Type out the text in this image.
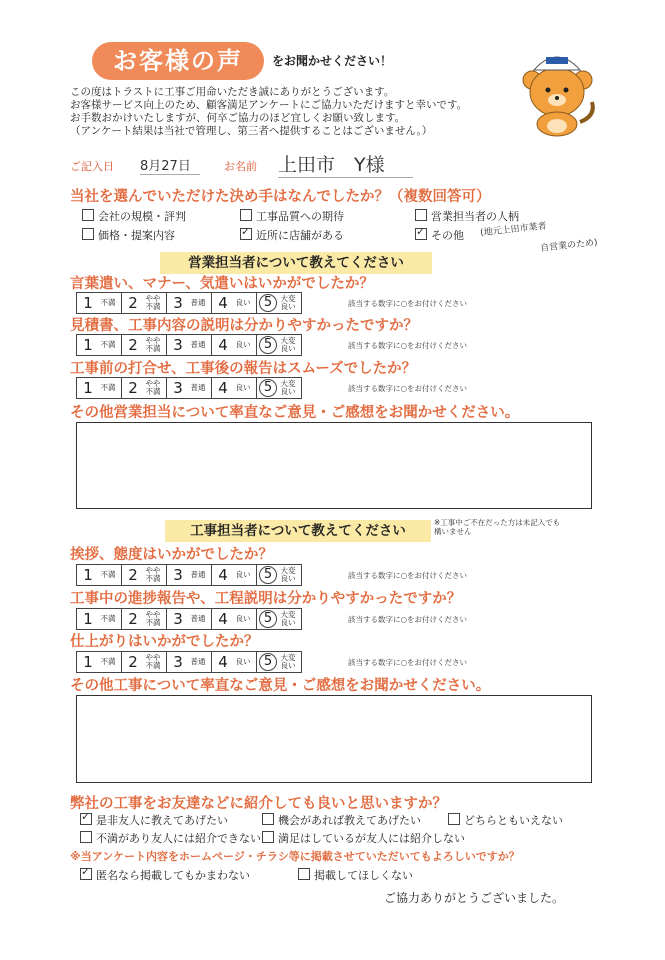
お客様の声	をお聞かせください！
この度はトラストに工事ご用命いただき誠にありがとうございます。
お客様サービス向上のため、顧客満足アンケートにご協力いただけますと幸いです。
お手数おかけいたしますが、何卒ご協力のほど宜しくお願い致します。
（アンケート結果は当社で管理し、第三者へ提供することはございません。）
ご記入日 8月27日	お名前 上田市　Y様
当社を選んでいただけた決め手はなんでしたか？（複数回答可）
会社の規模・評判	工事品質への期待	営業担当者の人柄
価格・提案内容 ✓	近所に店舗がある ✓	その他 (地元上田市業者
自営業のため)
営業担当者について教えてください
言葉遣い、マナー、気遣いはいかがでしたか？
1	不満 2	やや
不満 3	普通 4	良い	5	大変
良い	該当する数字に○をお付けください
見積書、工事内容の説明は分かりやすかったですか？
1	不満 2	やや
不満 3	普通 4	良い	5	大変
良い	該当する数字に○をお付けください
工事前の打合せ、工事後の報告はスムーズでしたか？
1	不満 2	やや
不満 3	普通 4	良い	5	大変
良い	該当する数字に○をお付けください
その他営業担当について率直なご意見・ご感想をお聞かせください。
工事担当者について教えてください
※工事中ご不在だった方は未記入でも
構いません
挨拶、態度はいかがでしたか？
1	不満 2	やや
不満 3	普通 4	良い	5	大変
良い	該当する数字に○をお付けください
工事中の進捗報告や、工程説明は分かりやすかったですか？
1	不満 2	やや
不満 3	普通 4	良い	5	大変
良い	該当する数字に○をお付けください
仕上がりはいかがでしたか？
1	不満 2	やや
不満 3	普通 4	良い	5	大変
良い	該当する数字に○をお付けください
その他工事について率直なご意見・ご感想をお聞かせください。
弊社の工事をお友達などに紹介しても良いと思いますか？
✓是非友人に教えてあげたい	機会があれば教えてあげたい	どちらともいえない
不満があり友人には紹介できない	満足はしているが友人には紹介しない
※当アンケート内容をホームページ・チラシ等に掲載させていただいてもよろしいですか？
✓匿名なら掲載してもかまわない	掲載してほしくない
ご協力ありがとうございました。
